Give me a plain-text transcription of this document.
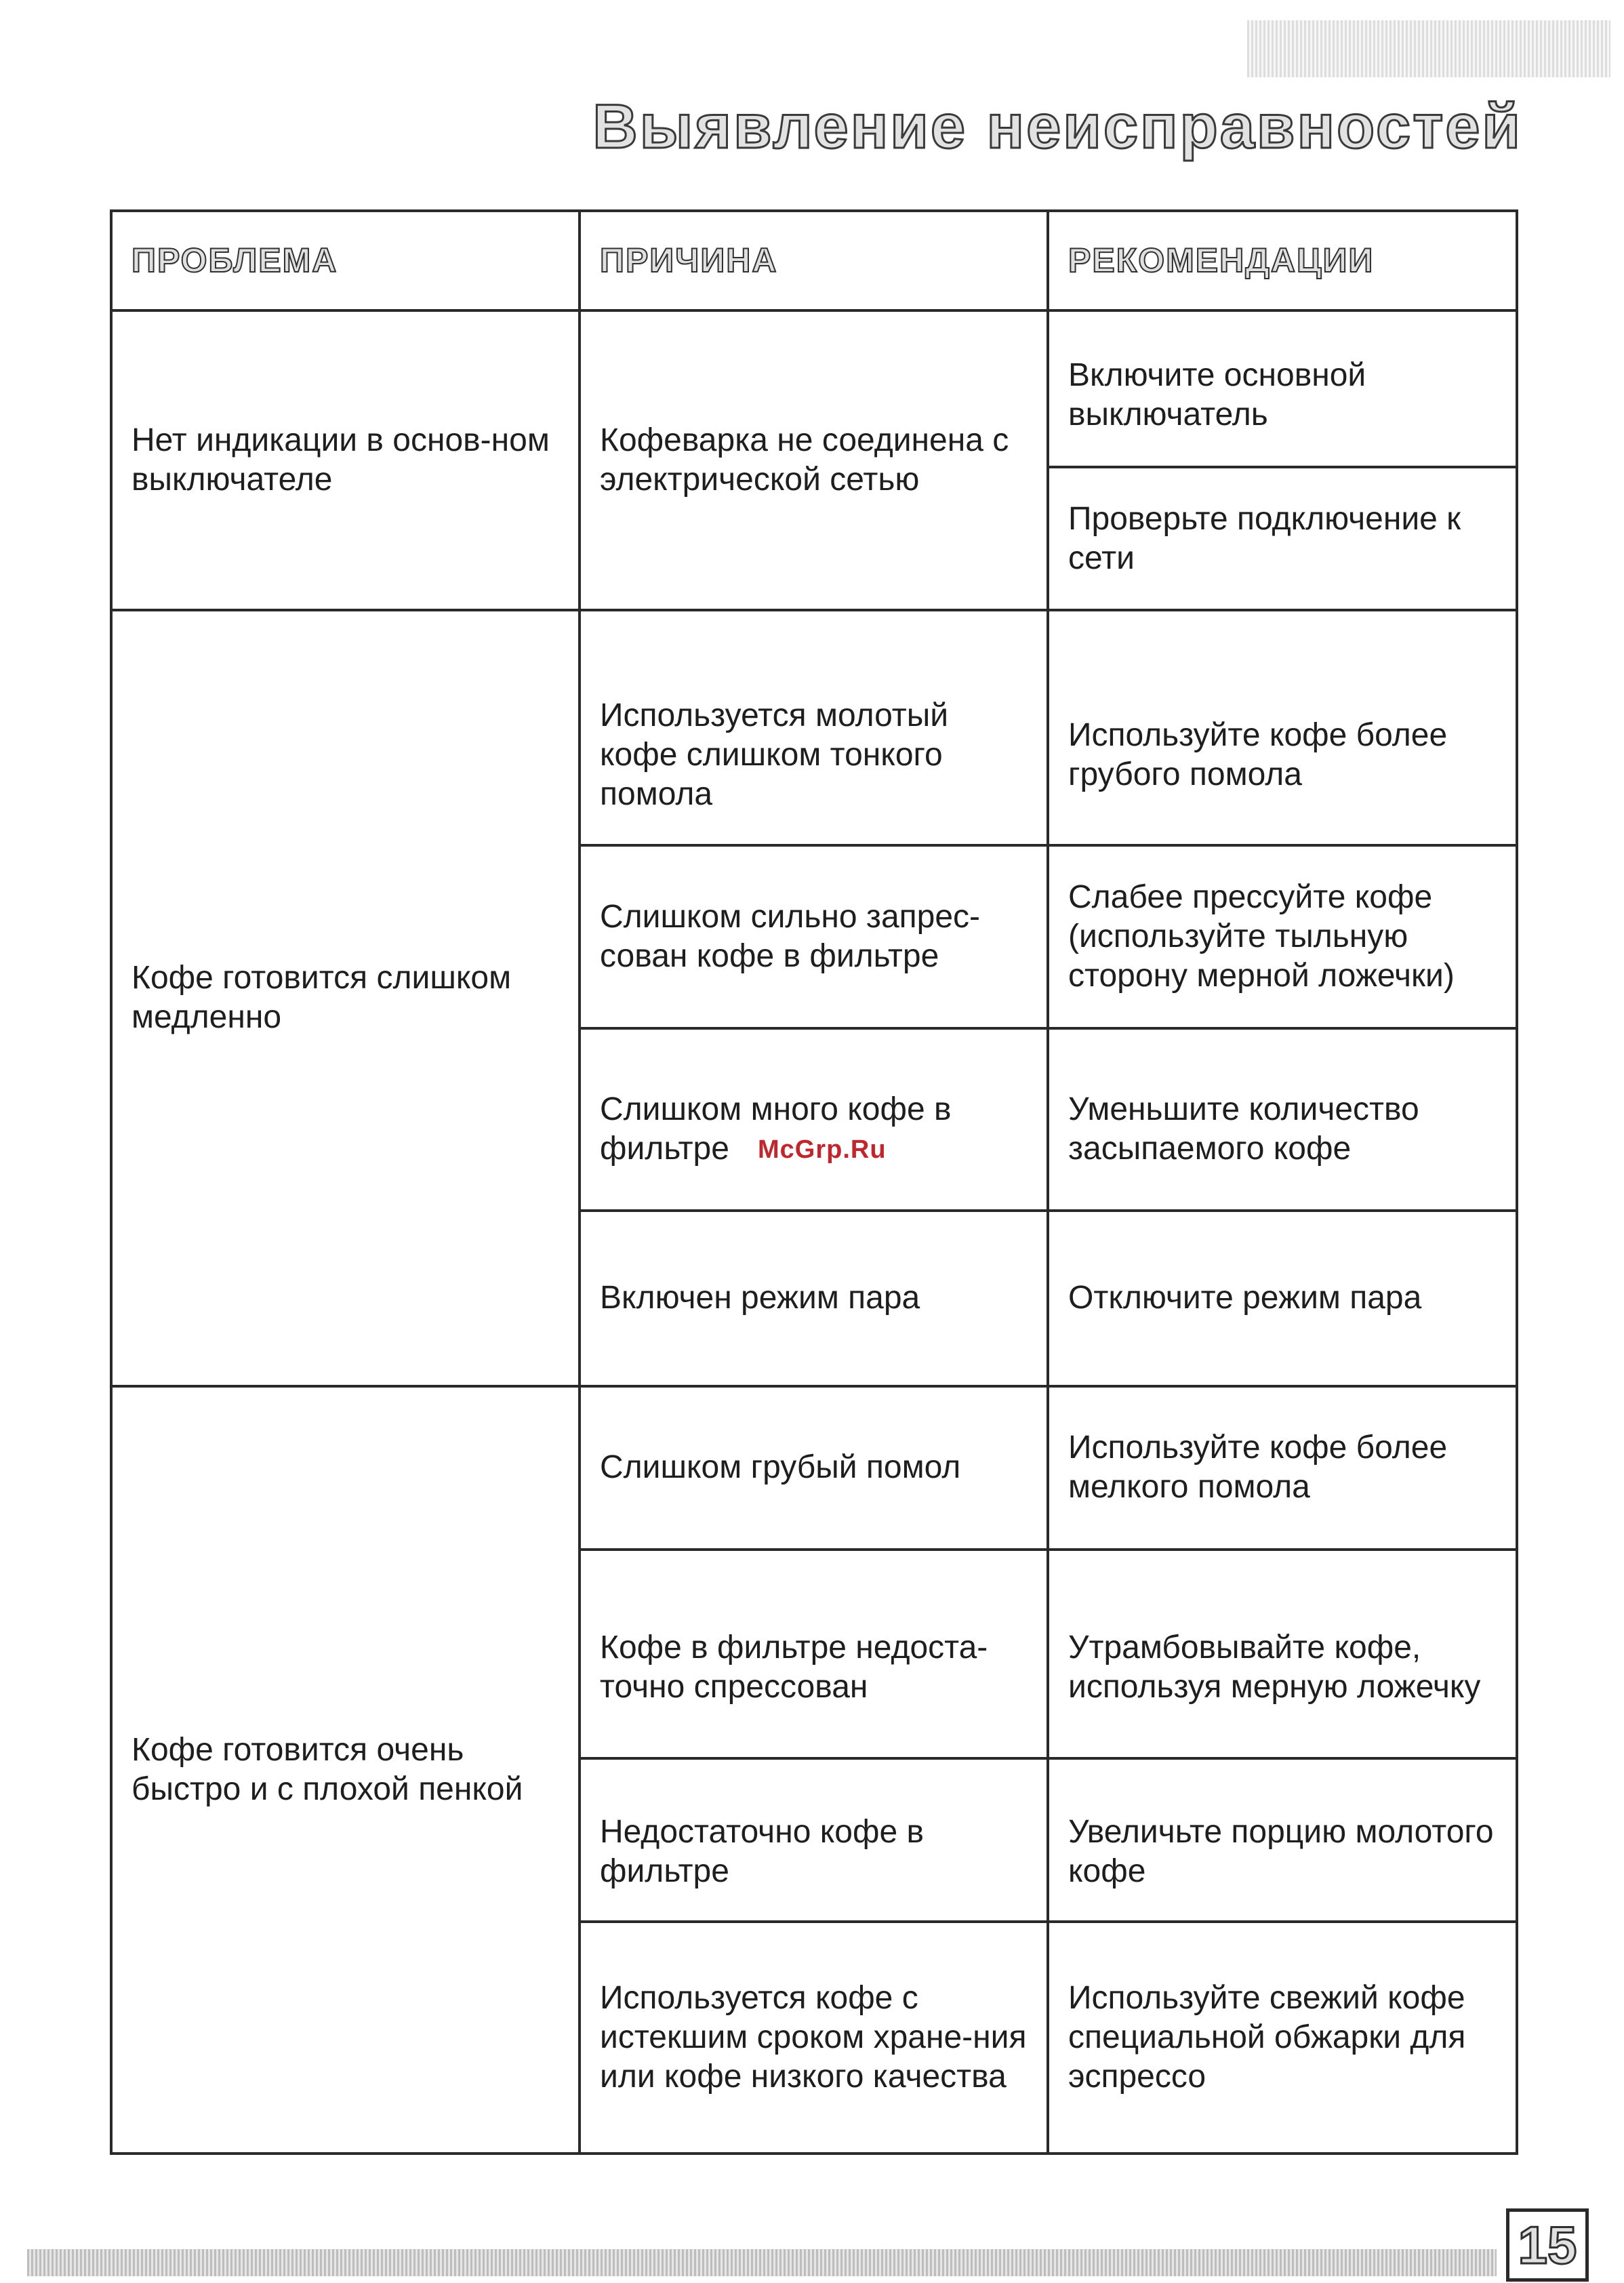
Выявление неисправностей
ПРОБЛЕМА	ПРИЧИНА	РЕКОМЕНДАЦИИ
Нет индикации в основ-ном выключателе	Кофеварка не соединена с электрической сетью	Включите основной выключатель
		Проверьте подключение к сети
Кофе готовится слишком медленно	Используется молотый кофе слишком тонкого помола	Используйте кофе более грубого помола
	Слишком сильно запрес-сован кофе в фильтре	Слабее прессуйте кофе (используйте тыльную сторону мерной ложечки)
	Слишком много кофе в фильтре	Уменьшите количество засыпаемого кофе
	Включен режим пара	Отключите режим пара
Кофе готовится очень быстро и с плохой пенкой	Слишком грубый помол	Используйте кофе более мелкого помола
	Кофе в фильтре недоста-точно спрессован	Утрамбовывайте кофе, используя мерную ложечку
	Недостаточно кофе в фильтре	Увеличьте порцию молотого кофе
	Используется кофе с истекшим сроком хране-ния или кофе низкого качества	Используйте свежий кофе специальной обжарки для эспрессо
McGrp.Ru
15
